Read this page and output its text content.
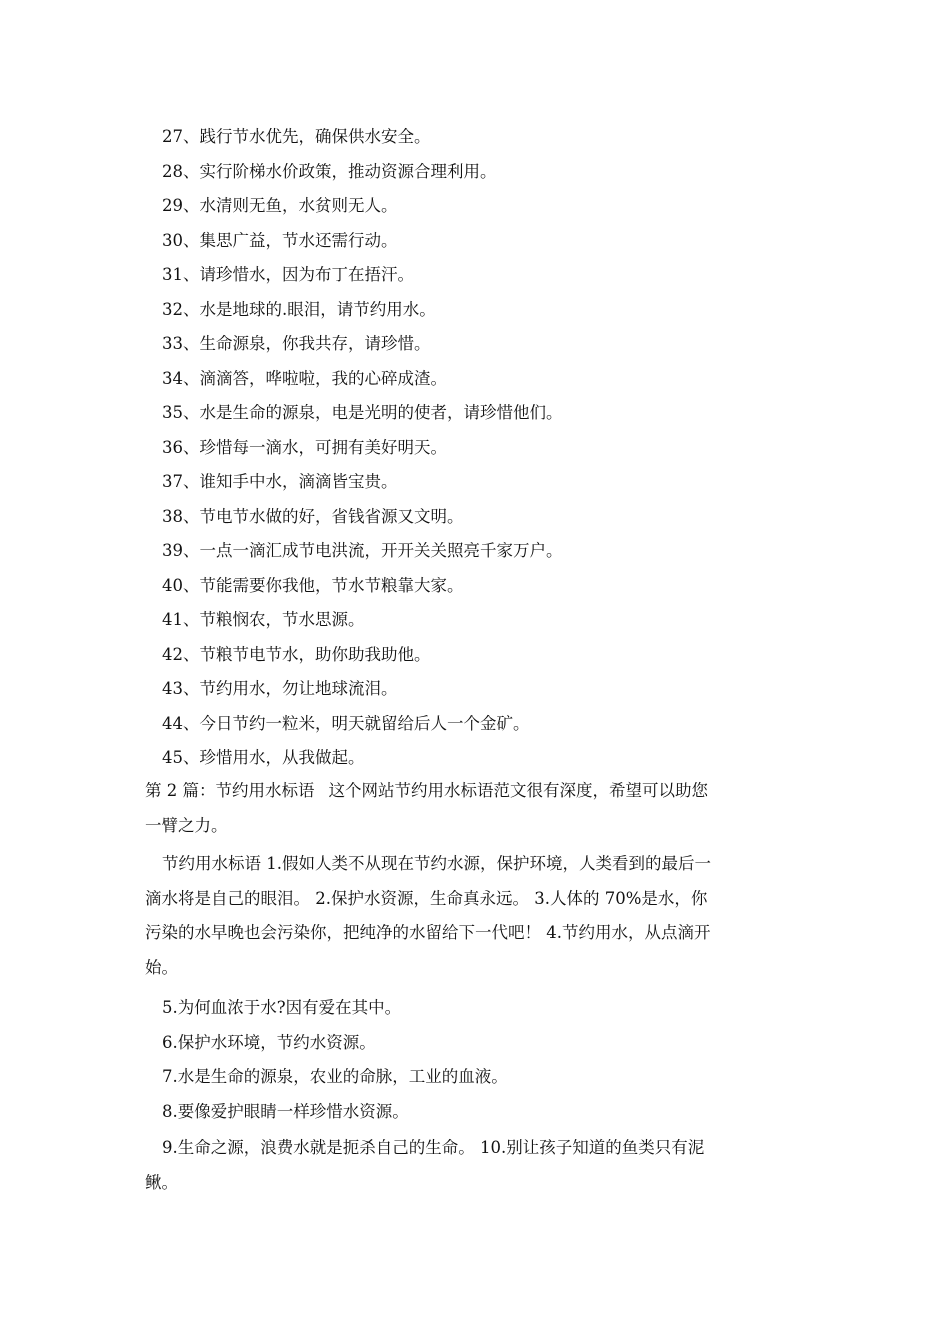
27、践行节水优先，确保供水安全。
28、实行阶梯水价政策，推动资源合理利用。
29、水清则无鱼，水贫则无人。
30、集思广益，节水还需行动。
31、请珍惜水，因为布丁在捂汗。
32、水是地球的.眼泪，请节约用水。
33、生命源泉，你我共存，请珍惜。
34、滴滴答，哗啦啦，我的心碎成渣。
35、水是生命的源泉，电是光明的使者，请珍惜他们。
36、珍惜每一滴水，可拥有美好明天。
37、谁知手中水，滴滴皆宝贵。
38、节电节水做的好，省钱省源又文明。
39、一点一滴汇成节电洪流，开开关关照亮千家万户。
40、节能需要你我他，节水节粮靠大家。
41、节粮悯农，节水思源。
42、节粮节电节水，助你助我助他。
43、节约用水，勿让地球流泪。
44、今日节约一粒米，明天就留给后人一个金矿。
45、珍惜用水，从我做起。
第 2 篇：节约用水标语 这个网站节约用水标语范文很有深度，希望可以助您
一臂之力。
节约用水标语 1.假如人类不从现在节约水源，保护环境，人类看到的最后一
滴水将是自己的眼泪。 2.保护水资源，生命真永远。 3.人体的 70%是水，你
污染的水早晚也会污染你，把纯净的水留给下一代吧！ 4.节约用水，从点滴开
始。
5.为何血浓于水?因有爱在其中。
6.保护水环境，节约水资源。
7.水是生命的源泉，农业的命脉，工业的血液。
8.要像爱护眼睛一样珍惜水资源。
9.生命之源，浪费水就是扼杀自己的生命。 10.别让孩子知道的鱼类只有泥
鳅。
